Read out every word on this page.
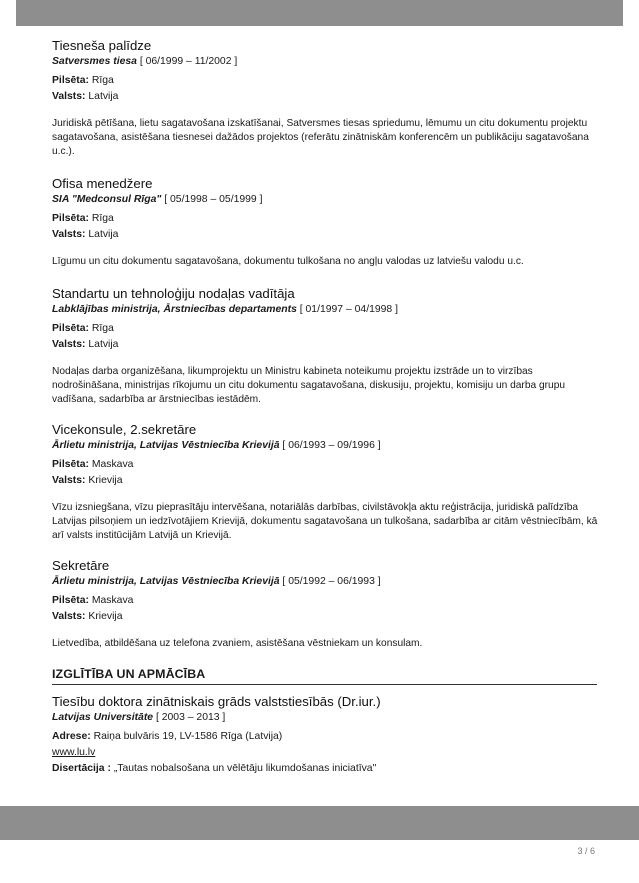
Tiesneša palīdze

Satversmes tiesa [ 06/1999 – 11/2002 ]

Pilsēta: Rīga

Valsts: Latvija

Juridiskā pētīšana, lietu sagatavošana izskatīšanai, Satversmes tiesas spriedumu, lēmumu un citu dokumentu projektu sagatavošana, asistēšana tiesnesei dažādos projektos (referātu zinātniskām konferencēm un publikāciju sagatavošana u.c.).

Ofisa menedžere

SIA "Medconsul Rīga" [ 05/1998 – 05/1999 ]

Pilsēta: Rīga

Valsts: Latvija

Līgumu un citu dokumentu sagatavošana, dokumentu tulkošana no angļu valodas uz latviešu valodu u.c.

Standartu un tehnoloģiju nodaļas vadītāja

Labklājības ministrija, Ārstniecības departaments [ 01/1997 – 04/1998 ]

Pilsēta: Rīga

Valsts: Latvija

Nodaļas darba organizēšana, likumprojektu un Ministru kabineta noteikumu projektu izstrāde un to virzības nodrošināšana, ministrijas rīkojumu un citu dokumentu sagatavošana, diskusiju, projektu, komisiju un darba grupu vadīšana, sadarbība ar ārstniecības iestādēm.

Vicekonsule, 2.sekretāre

Ārlietu ministrija, Latvijas Vēstniecība Krievijā [ 06/1993 – 09/1996 ]

Pilsēta: Maskava

Valsts: Krievija

Vīzu izsniegšana, vīzu pieprasītāju intervēšana, notariālās darbības, civilstāvokļa aktu reģistrācija, juridiskā palīdzība Latvijas pilsoņiem un iedzīvotājiem Krievijā, dokumentu sagatavošana un tulkošana, sadarbība ar citām vēstniecībām, kā arī valsts institūcijām Latvijā un Krievijā.

Sekretāre

Ārlietu ministrija, Latvijas Vēstniecība Krievijā [ 05/1992 – 06/1993 ]

Pilsēta: Maskava

Valsts: Krievija

Lietvedība, atbildēšana uz telefona zvaniem, asistēšana vēstniekam un konsulam.

IZGLĪTĪBA UN APMĀCĪBA

Tiesību doktora zinātniskais grāds valststiesībās (Dr.iur.)

Latvijas Universitāte [ 2003 – 2013 ]

Adrese: Raiņa bulvāris 19, LV-1586 Rīga (Latvija)

www.lu.lv

Disertācija : „Tautas nobalsošana un vēlētāju likumdošanas iniciatīva"

3 / 6
